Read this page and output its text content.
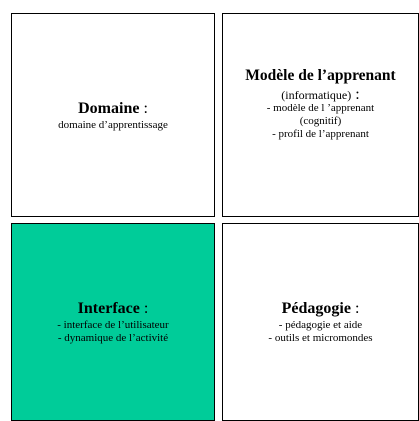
Domaine :
domaine d’apprentissage
Modèle de l’apprenant
(informatique) :
- modèle de l ’apprenant
(cognitif)
- profil de l’apprenant
Interface :
- interface de l’utilisateur
- dynamique de l’activité
Pédagogie :
- pédagogie et aide
- outils et micromondes
